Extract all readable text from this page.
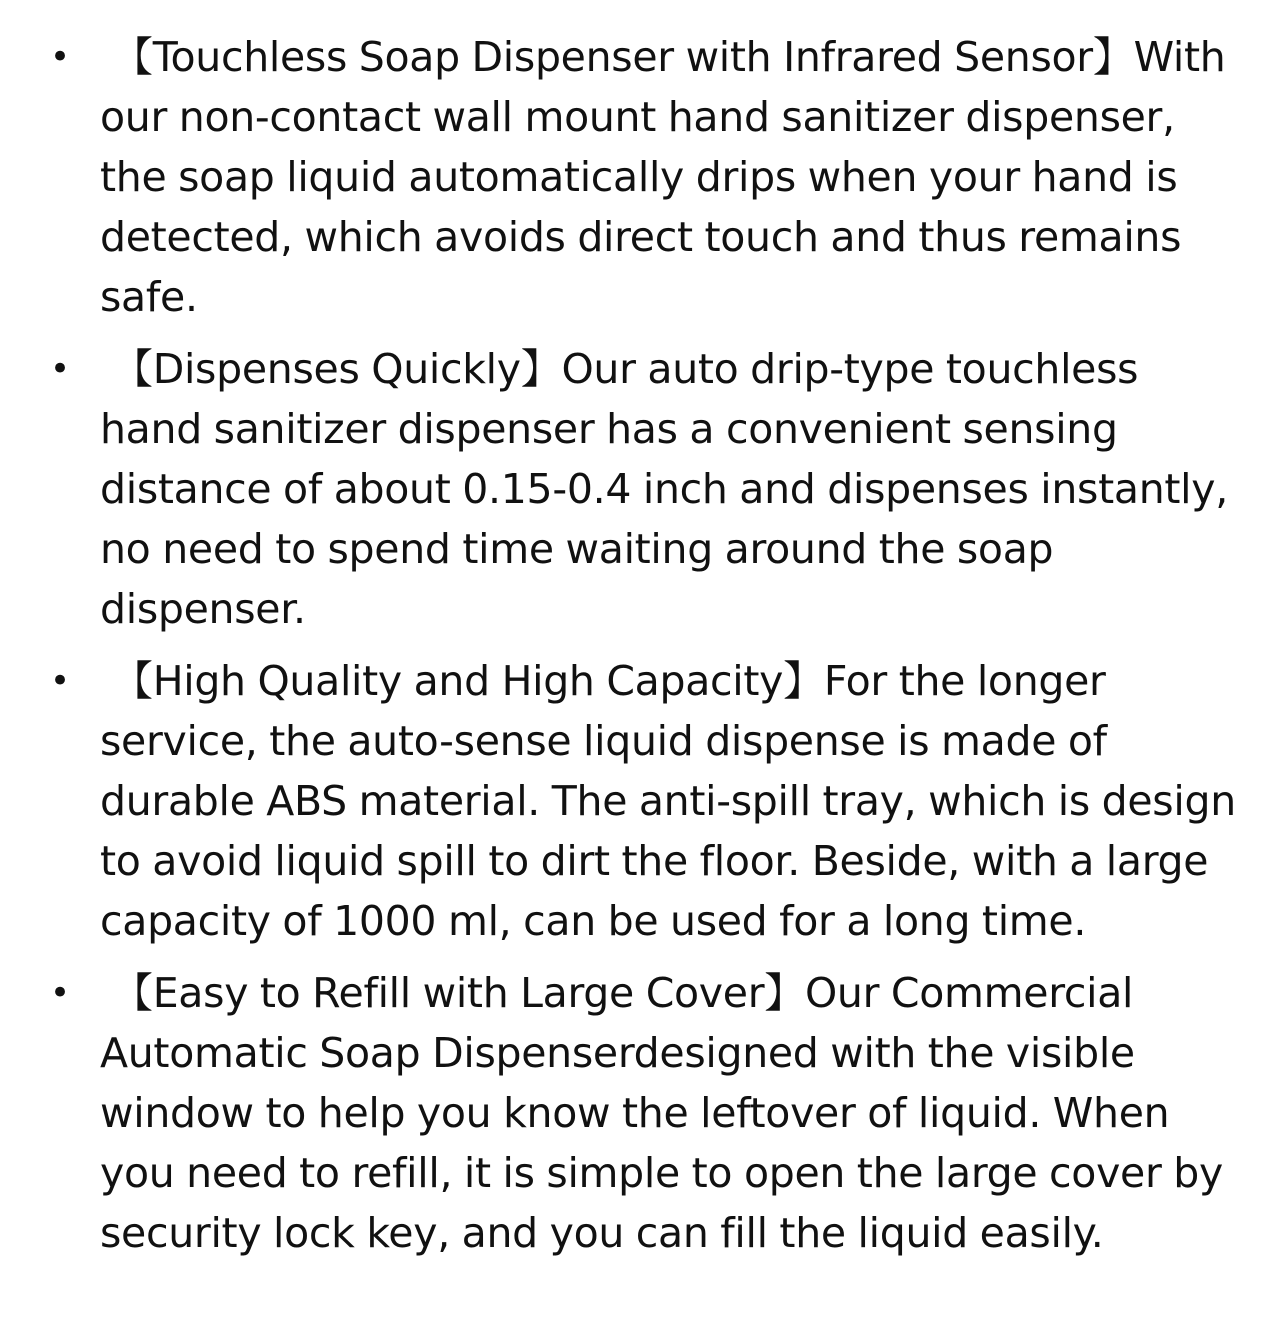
• 【Touchless Soap Dispenser with Infrared Sensor】With our non-contact wall mount hand sanitizer dispenser, the soap liquid automatically drips when your hand is detected, which avoids direct touch and thus remains safe.
• 【Dispenses Quickly】Our auto drip-type touchless hand sanitizer dispenser has a convenient sensing distance of about 0.15-0.4 inch and dispenses instantly, no need to spend time waiting around the soap dispenser.
• 【High Quality and High Capacity】For the longer service, the auto-sense liquid dispense is made of durable ABS material. The anti-spill tray, which is design to avoid liquid spill to dirt the floor. Beside, with a large capacity of 1000 ml, can be used for a long time.
• 【Easy to Refill with Large Cover】Our Commercial Automatic Soap Dispenserdesigned with the visible window to help you know the leftover of liquid. When you need to refill, it is simple to open the large cover by security lock key, and you can fill the liquid easily.
